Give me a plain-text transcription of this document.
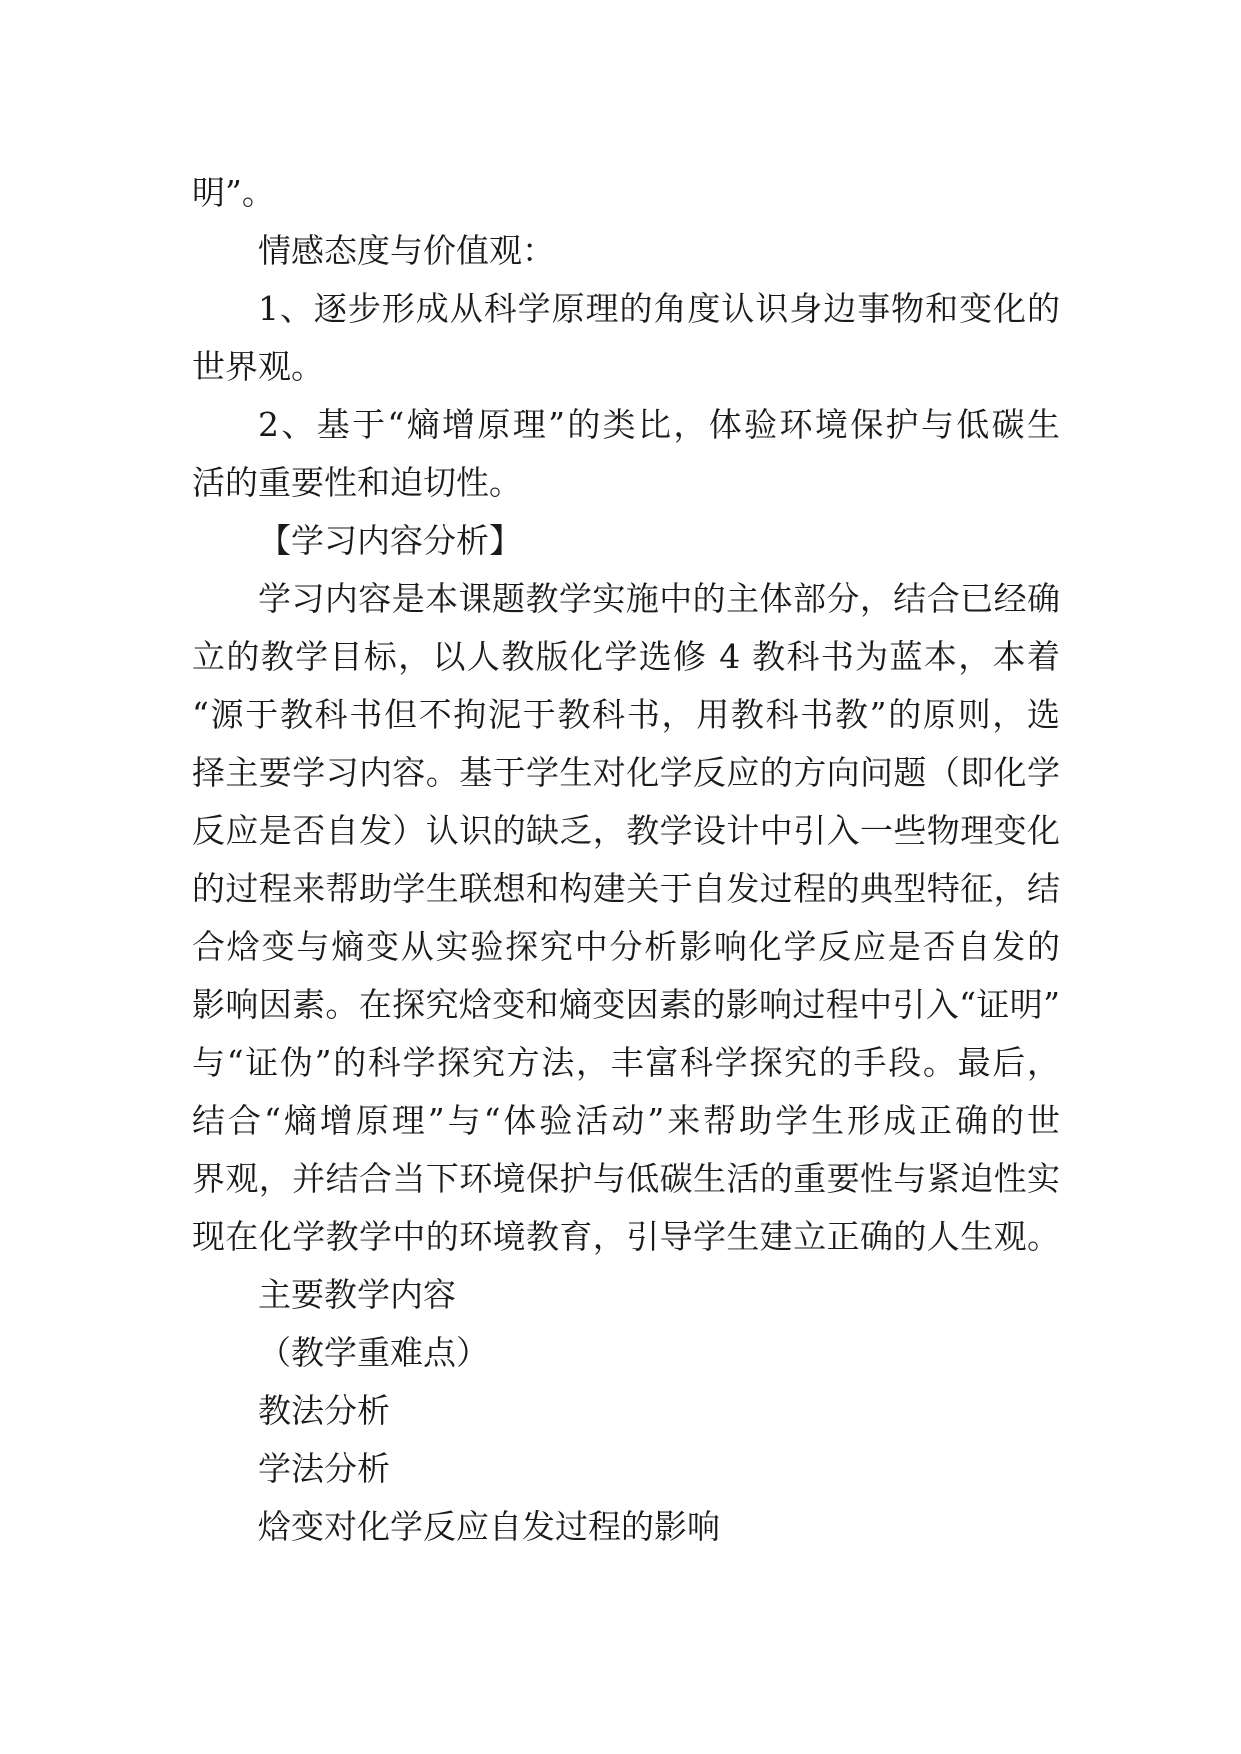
明”。

情感态度与价值观：

1、逐步形成从科学原理的角度认识身边事物和变化的

世界观。

2、基于“熵增原理”的类比，体验环境保护与低碳生

活的重要性和迫切性。

【学习内容分析】

学习内容是本课题教学实施中的主体部分，结合已经确

立的教学目标，以人教版化学选修 4 教科书为蓝本，本着

“源于教科书但不拘泥于教科书，用教科书教”的原则，选

择主要学习内容。基于学生对化学反应的方向问题（即化学

反应是否自发）认识的缺乏，教学设计中引入一些物理变化

的过程来帮助学生联想和构建关于自发过程的典型特征，结

合焓变与熵变从实验探究中分析影响化学反应是否自发的

影响因素。在探究焓变和熵变因素的影响过程中引入“证明”

与“证伪”的科学探究方法，丰富科学探究的手段。最后，

结合“熵增原理”与“体验活动”来帮助学生形成正确的世

界观，并结合当下环境保护与低碳生活的重要性与紧迫性实

现在化学教学中的环境教育，引导学生建立正确的人生观。

主要教学内容

（教学重难点）

教法分析

学法分析

焓变对化学反应自发过程的影响
